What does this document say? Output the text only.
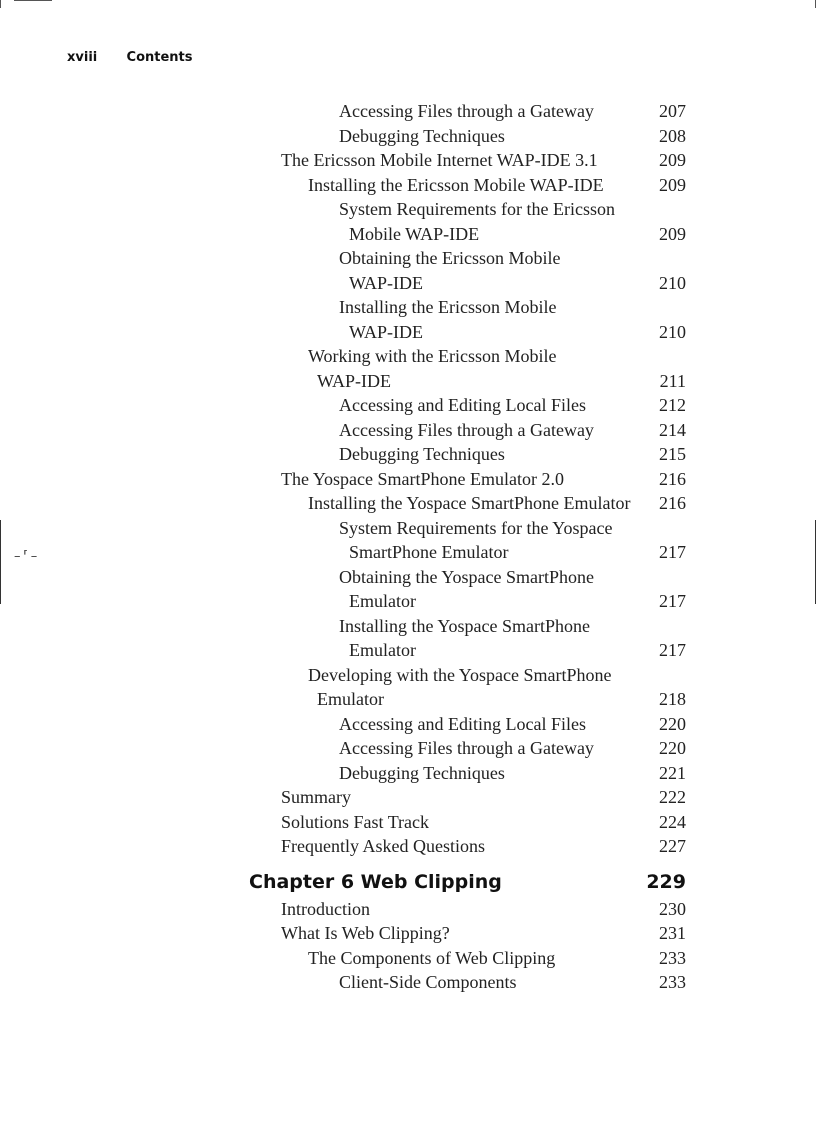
– ⸢ –
xviii Contents
Accessing Files through a Gateway	207
Debugging Techniques	208
The Ericsson Mobile Internet WAP-IDE 3.1	209
Installing the Ericsson Mobile WAP-IDE	209
System Requirements for the Ericsson
Mobile WAP-IDE	209
Obtaining the Ericsson Mobile
WAP-IDE	210
Installing the Ericsson Mobile
WAP-IDE	210
Working with the Ericsson Mobile
WAP-IDE	211
Accessing and Editing Local Files	212
Accessing Files through a Gateway	214
Debugging Techniques	215
The Yospace SmartPhone Emulator 2.0	216
Installing the Yospace SmartPhone Emulator 216
System Requirements for the Yospace
SmartPhone Emulator	217
Obtaining the Yospace SmartPhone
Emulator	217
Installing the Yospace SmartPhone
Emulator	217
Developing with the Yospace SmartPhone
Emulator	218
Accessing and Editing Local Files	220
Accessing Files through a Gateway	220
Debugging Techniques	221
Summary	222
Solutions Fast Track	224
Frequently Asked Questions	227
Chapter 6 Web Clipping	229
Introduction	230
What Is Web Clipping?	231
The Components of Web Clipping	233
Client-Side Components	233
